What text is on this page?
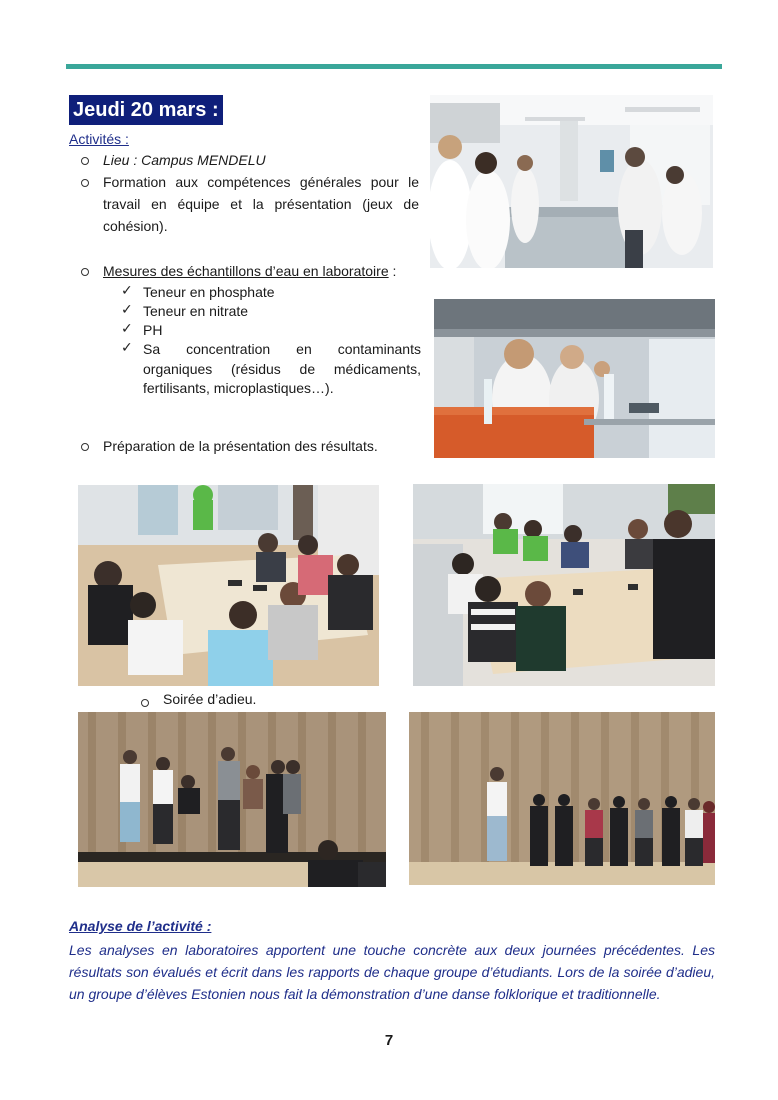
Jeudi 20 mars :
Activités :
Lieu : Campus MENDELU
Formation aux compétences générales pour le
travail en équipe et la présentation (jeux de
cohésion).
Mesures des échantillons d’eau en laboratoire :
✓ Teneur en phosphate
✓ Teneur en nitrate
✓ PH
✓ Sa concentration en contaminants
organiques (résidus de médicaments,
fertilisants, microplastiques…).
Préparation de la présentation des résultats.
Soirée d’adieu.
Analyse de l’activité :
Les analyses en laboratoires apportent une touche concrète aux deux journées précédentes. Les résultats son évalués et écrit dans les rapports de chaque groupe d’étudiants. Lors de la soirée d’adieu, un groupe d’élèves Estonien nous fait la démonstration d’une danse folklorique et traditionnelle.
7
